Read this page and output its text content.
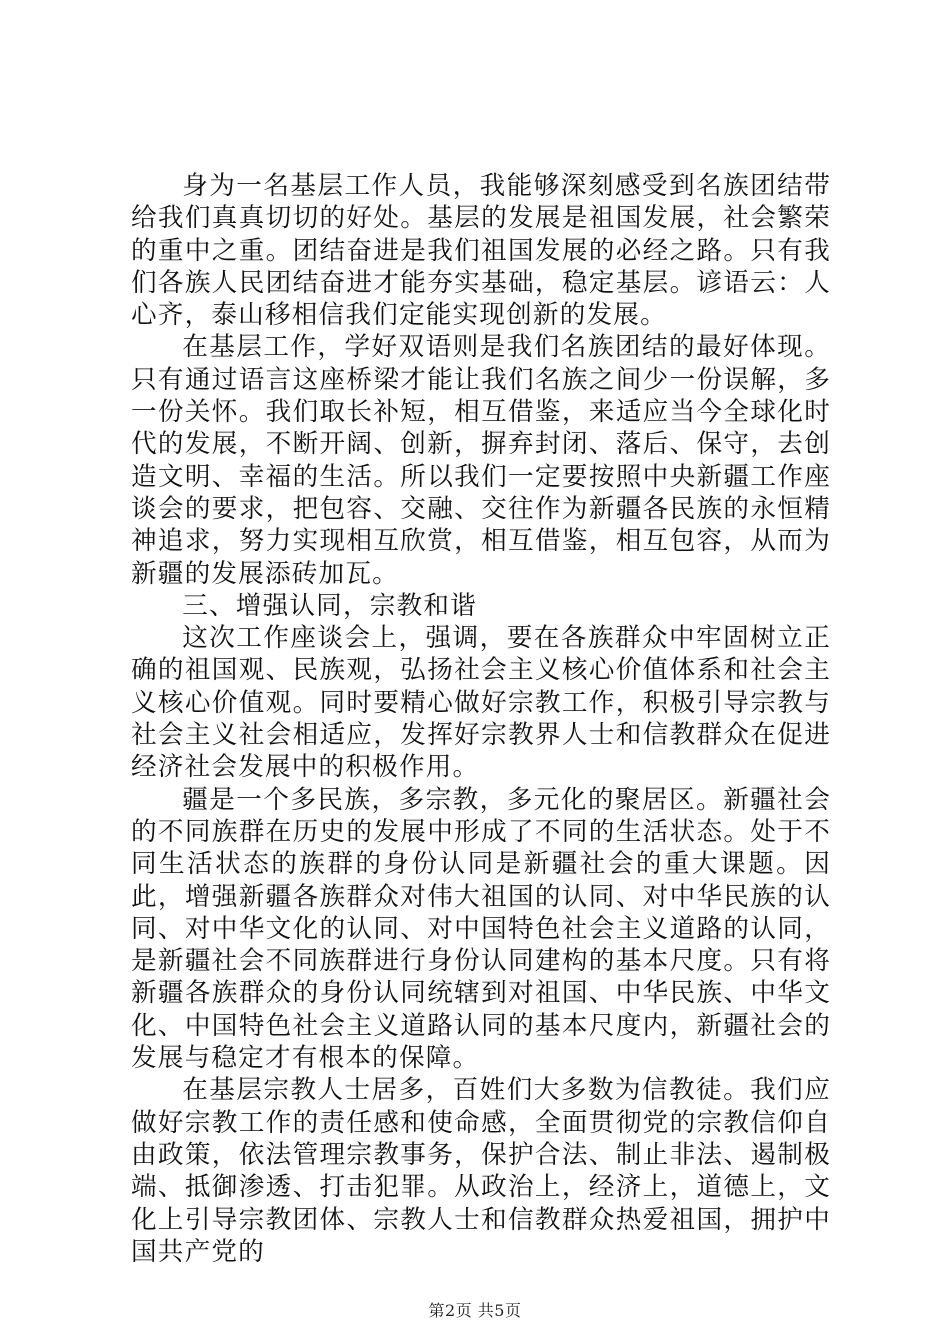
身为一名基层工作人员，我能够深刻感受到名族团结带给我们真真切切的好处。基层的发展是祖国发展，社会繁荣的重中之重。团结奋进是我们祖国发展的必经之路。只有我们各族人民团结奋进才能夯实基础，稳定基层。谚语云：人心齐，泰山移相信我们定能实现创新的发展。

在基层工作，学好双语则是我们名族团结的最好体现。只有通过语言这座桥梁才能让我们名族之间少一份误解，多一份关怀。我们取长补短，相互借鉴，来适应当今全球化时代的发展，不断开阔、创新，摒弃封闭、落后、保守，去创造文明、幸福的生活。所以我们一定要按照中央新疆工作座谈会的要求，把包容、交融、交往作为新疆各民族的永恒精神追求，努力实现相互欣赏，相互借鉴，相互包容，从而为新疆的发展添砖加瓦。

三、增强认同，宗教和谐

这次工作座谈会上，强调，要在各族群众中牢固树立正确的祖国观、民族观，弘扬社会主义核心价值体系和社会主义核心价值观。同时要精心做好宗教工作，积极引导宗教与社会主义社会相适应，发挥好宗教界人士和信教群众在促进经济社会发展中的积极作用。

疆是一个多民族，多宗教，多元化的聚居区。新疆社会的不同族群在历史的发展中形成了不同的生活状态。处于不同生活状态的族群的身份认同是新疆社会的重大课题。因此，增强新疆各族群众对伟大祖国的认同、对中华民族的认同、对中华文化的认同、对中国特色社会主义道路的认同，是新疆社会不同族群进行身份认同建构的基本尺度。只有将新疆各族群众的身份认同统辖到对祖国、中华民族、中华文化、中国特色社会主义道路认同的基本尺度内，新疆社会的发展与稳定才有根本的保障。

在基层宗教人士居多，百姓们大多数为信教徒。我们应做好宗教工作的责任感和使命感，全面贯彻党的宗教信仰自由政策，依法管理宗教事务，保护合法、制止非法、遏制极端、抵御渗透、打击犯罪。从政治上，经济上，道德上，文化上引导宗教团体、宗教人士和信教群众热爱祖国，拥护中国共产党的

第2页 共5页
